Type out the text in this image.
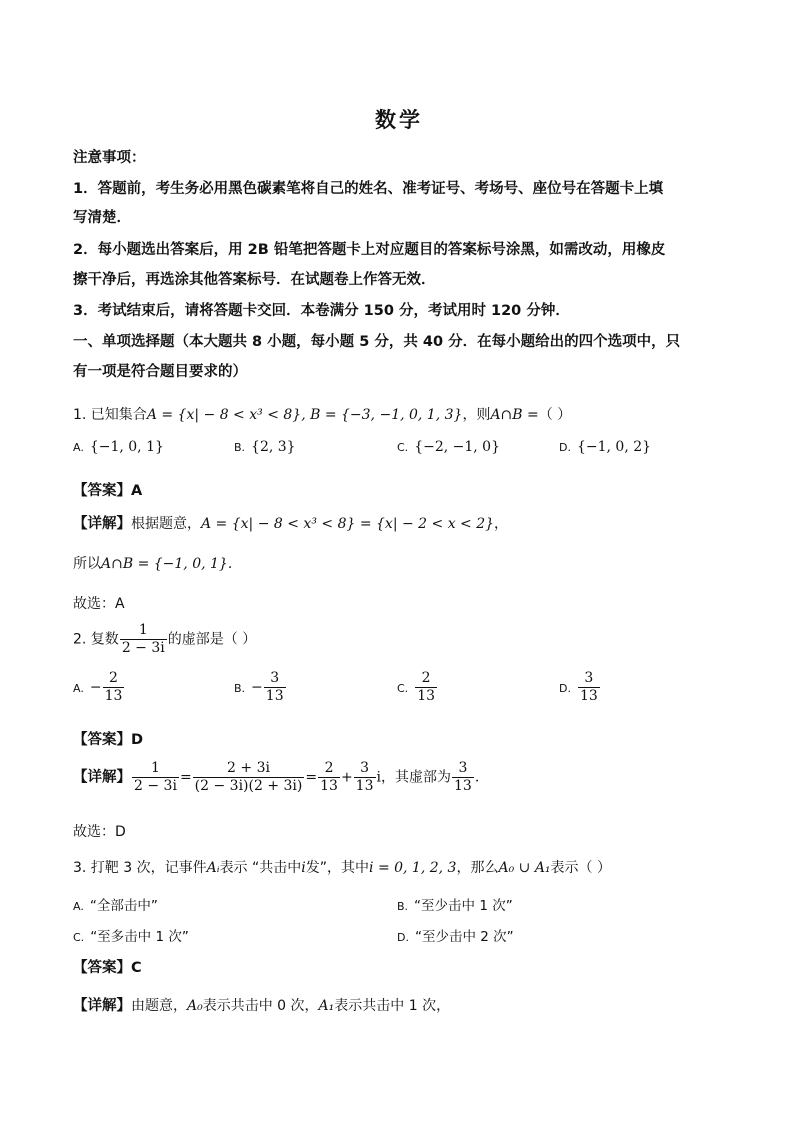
数学
注意事项：
1．答题前，考生务必用黑色碳素笔将自己的姓名、准考证号、考场号、座位号在答题卡上填
写清楚．
2．每小题选出答案后，用 2B 铅笔把答题卡上对应题目的答案标号涂黑，如需改动，用橡皮
擦干净后，再选涂其他答案标号．在试题卷上作答无效．
3．考试结束后，请将答题卡交回．本卷满分 150 分，考试用时 120 分钟．
一、单项选择题（本大题共 8 小题，每小题 5 分，共 40 分．在每小题给出的四个选项中，只
有一项是符合题目要求的）
1. 已知集合A = {x| − 8 < x³ < 8}, B = {−3, −1, 0, 1, 3}，则A∩B =（ ）
A. {−1, 0, 1}	B. {2, 3}	C. {−2, −1, 0}	D. {−1, 0, 2}
【答案】A
【详解】根据题意，A = {x| − 8 < x³ < 8} = {x| − 2 < x < 2}，
所以A∩B = {−1, 0, 1}.
故选：A
2. 复数 $\frac{1}{2 - 3i}$ 的虚部是（ ）
A. − $\frac{2}{13}$	B. − $\frac{3}{13}$	C. $\frac{2}{13}$	D. $\frac{3}{13}$
【答案】D
【详解】 $\frac{1}{2 - 3i} = \frac{2 + 3i}{(2 - 3i)(2 + 3i)} = \frac{2}{13} + \frac{3}{13}$ i，其虚部为 $\frac{3}{13}$ .
故选：D
3. 打靶 3 次，记事件Aᵢ表示 “共击中i发”，其中i = 0, 1, 2, 3，那么A₀ ∪ A₁表示（ ）
A. “全部击中”	B. “至少击中 1 次”
C. “至多击中 1 次”	D. “至少击中 2 次”
【答案】C
【详解】由题意，A₀表示共击中 0 次，A₁表示共击中 1 次，
